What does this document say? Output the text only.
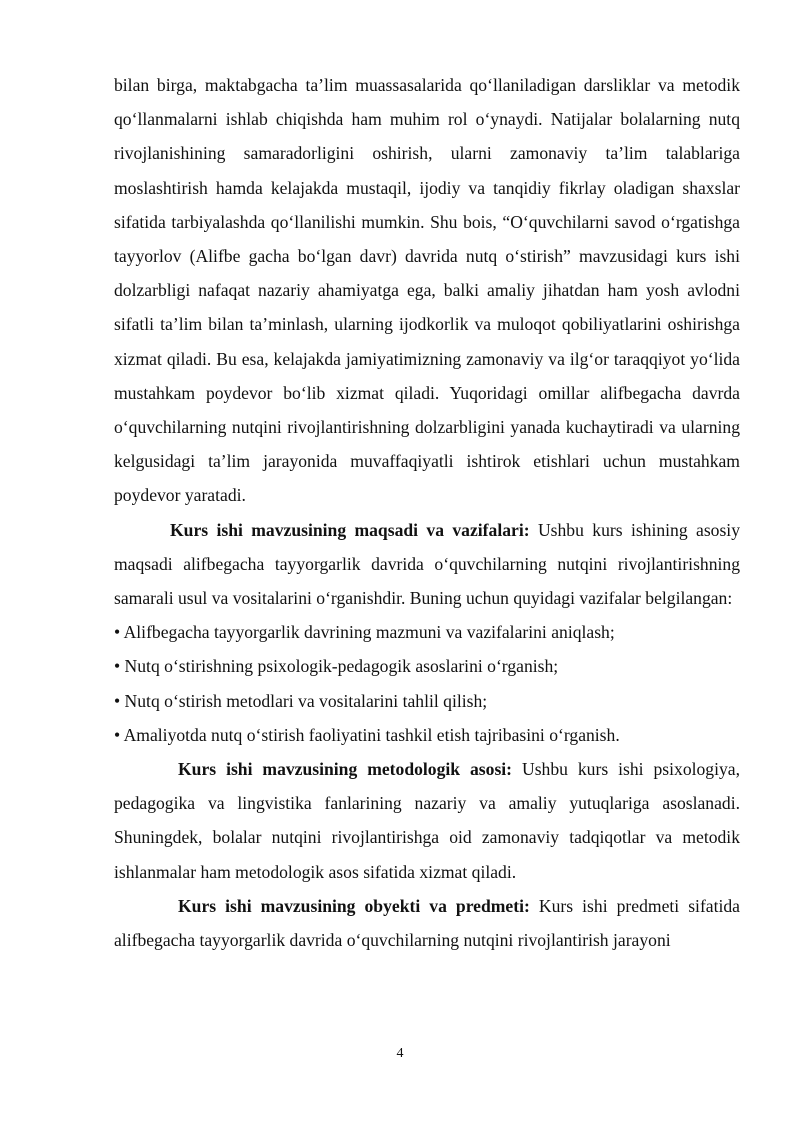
bilan birga, maktabgacha ta’lim muassasalarida qo‘llaniladigan darsliklar va metodik qo‘llanmalarni ishlab chiqishda ham muhim rol o‘ynaydi. Natijalar bolalarning nutq rivojlanishining samaradorligini oshirish, ularni zamonaviy ta’lim talablariga moslashtirish hamda kelajakda mustaqil, ijodiy va tanqidiy fikrlay oladigan shaxslar sifatida tarbiyalashda qo‘llanilishi mumkin. Shu bois, “O‘quvchilarni savod o‘rgatishga tayyorlov (Alifbe gacha bo‘lgan davr) davrida nutq o‘stirish” mavzusidagi kurs ishi dolzarbligi nafaqat nazariy ahamiyatga ega, balki amaliy jihatdan ham yosh avlodni sifatli ta’lim bilan ta’minlash, ularning ijodkorlik va muloqot qobiliyatlarini oshirishga xizmat qiladi. Bu esa, kelajakda jamiyatimizning zamonaviy va ilg‘or taraqqiyot yo‘lida mustahkam poydevor bo‘lib xizmat qiladi. Yuqoridagi omillar alifbegacha davrda o‘quvchilarning nutqini rivojlantirishning dolzarbligini yanada kuchaytiradi va ularning kelgusidagi ta’lim jarayonida muvaffaqiyatli ishtirok etishlari uchun mustahkam poydevor yaratadi.

Kurs ishi mavzusining maqsadi va vazifalari: Ushbu kurs ishining asosiy maqsadi alifbegacha tayyorgarlik davrida o‘quvchilarning nutqini rivojlantirishning samarali usul va vositalarini o‘rganishdir. Buning uchun quyidagi vazifalar belgilangan:

• Alifbegacha tayyorgarlik davrining mazmuni va vazifalarini aniqlash;

• Nutq o‘stirishning psixologik-pedagogik asoslarini o‘rganish;

• Nutq o‘stirish metodlari va vositalarini tahlil qilish;

• Amaliyotda nutq o‘stirish faoliyatini tashkil etish tajribasini o‘rganish.

Kurs ishi mavzusining metodologik asosi: Ushbu kurs ishi psixologiya, pedagogika va lingvistika fanlarining nazariy va amaliy yutuqlariga asoslanadi. Shuningdek, bolalar nutqini rivojlantirishga oid zamonaviy tadqiqotlar va metodik ishlanmalar ham metodologik asos sifatida xizmat qiladi.

Kurs ishi mavzusining obyekti va predmeti: Kurs ishi predmeti sifatida alifbegacha tayyorgarlik davrida o‘quvchilarning nutqini rivojlantirish jarayoni

4
